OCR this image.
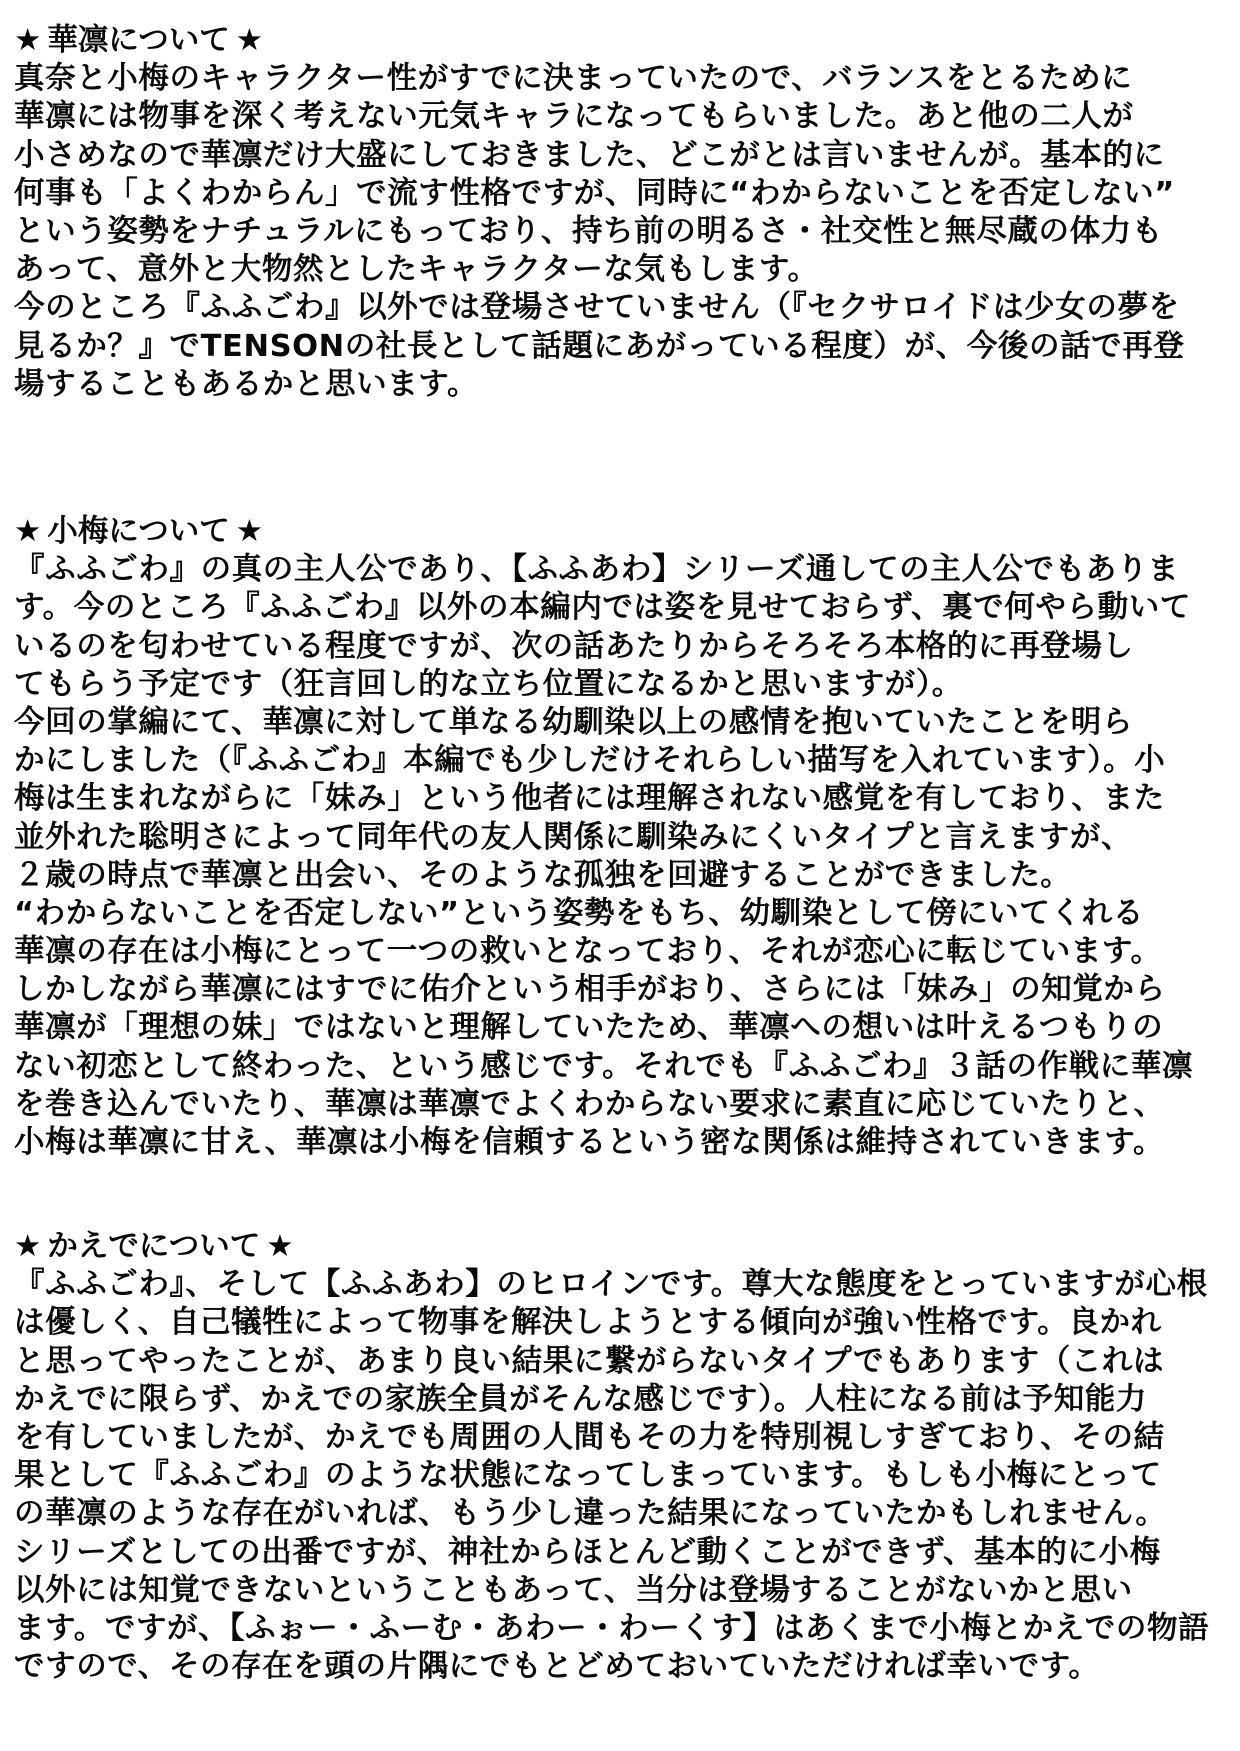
★ 華凛について ★
真奈と小梅のキャラクター性がすでに決まっていたので、バランスをとるために
華凛には物事を深く考えない元気キャラになってもらいました。あと他の二人が
小さめなので華凛だけ大盛にしておきました、どこがとは言いませんが。基本的に
何事も「よくわからん」で流す性格ですが、同時に“わからないことを否定しない”
という姿勢をナチュラルにもっており、持ち前の明るさ・社交性と無尽蔵の体力も
あって、意外と大物然としたキャラクターな気もします。
今のところ『ふふごわ』以外では登場させていません（『セクサロイドは少女の夢を
見るか？』でTENSONの社長として話題にあがっている程度）が、今後の話で再登
場することもあるかと思います。
★ 小梅について ★
『ふふごわ』の真の主人公であり、【ふふあわ】シリーズ通しての主人公でもありま
す。今のところ『ふふごわ』以外の本編内では姿を見せておらず、裏で何やら動いて
いるのを匂わせている程度ですが、次の話あたりからそろそろ本格的に再登場し
てもらう予定です（狂言回し的な立ち位置になるかと思いますが）。
今回の掌編にて、華凛に対して単なる幼馴染以上の感情を抱いていたことを明ら
かにしました（『ふふごわ』本編でも少しだけそれらしい描写を入れています）。小
梅は生まれながらに「妹み」という他者には理解されない感覚を有しており、また
並外れた聡明さによって同年代の友人関係に馴染みにくいタイプと言えますが、
２歳の時点で華凛と出会い、そのような孤独を回避することができました。
“わからないことを否定しない”という姿勢をもち、幼馴染として傍にいてくれる
華凛の存在は小梅にとって一つの救いとなっており、それが恋心に転じています。
しかしながら華凛にはすでに佑介という相手がおり、さらには「妹み」の知覚から
華凛が「理想の妹」ではないと理解していたため、華凛への想いは叶えるつもりの
ない初恋として終わった、という感じです。それでも『ふふごわ』３話の作戦に華凛
を巻き込んでいたり、華凛は華凛でよくわからない要求に素直に応じていたりと、
小梅は華凛に甘え、華凛は小梅を信頼するという密な関係は維持されていきます。
★ かえでについて ★
『ふふごわ』、そして【ふふあわ】のヒロインです。尊大な態度をとっていますが心根
は優しく、自己犠牲によって物事を解決しようとする傾向が強い性格です。良かれ
と思ってやったことが、あまり良い結果に繋がらないタイプでもあります（これは
かえでに限らず、かえでの家族全員がそんな感じです）。人柱になる前は予知能力
を有していましたが、かえでも周囲の人間もその力を特別視しすぎており、その結
果として『ふふごわ』のような状態になってしまっています。もしも小梅にとって
の華凛のような存在がいれば、もう少し違った結果になっていたかもしれません。
シリーズとしての出番ですが、神社からほとんど動くことができず、基本的に小梅
以外には知覚できないということもあって、当分は登場することがないかと思い
ます。ですが、【ふぉー・ふーむ・あわー・わーくす】はあくまで小梅とかえでの物語
ですので、その存在を頭の片隅にでもとどめておいていただければ幸いです。
